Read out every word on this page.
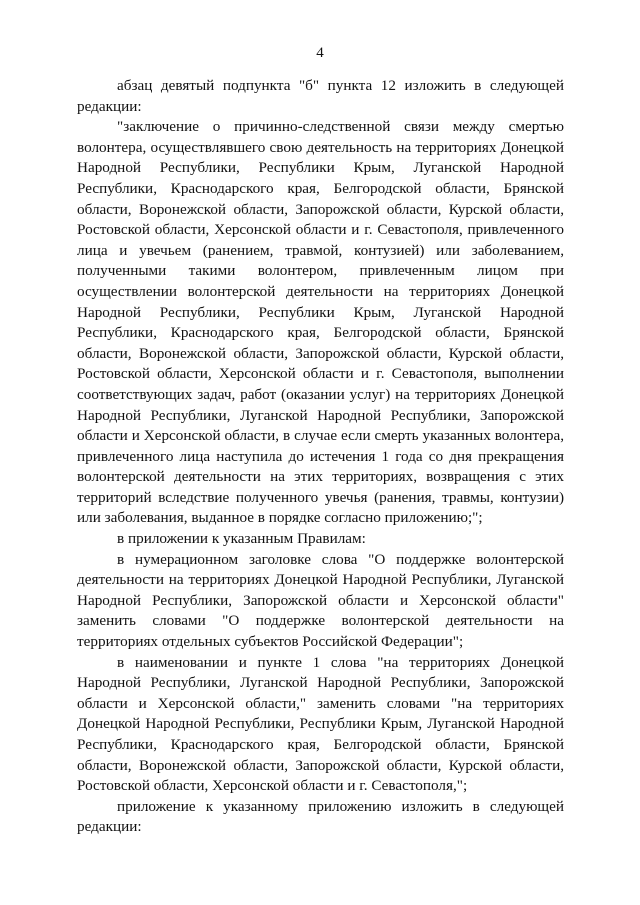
4

абзац девятый подпункта "б" пункта 12 изложить в следующей редакции:

"заключение о причинно-следственной связи между смертью волонтера, осуществлявшего свою деятельность на территориях Донецкой Народной Республики, Республики Крым, Луганской Народной Республики, Краснодарского края, Белгородской области, Брянской области, Воронежской области, Запорожской области, Курской области, Ростовской области, Херсонской области и г. Севастополя, привлеченного лица и увечьем (ранением, травмой, контузией) или заболеванием, полученными такими волонтером, привлеченным лицом при осуществлении волонтерской деятельности на территориях Донецкой Народной Республики, Республики Крым, Луганской Народной Республики, Краснодарского края, Белгородской области, Брянской области, Воронежской области, Запорожской области, Курской области, Ростовской области, Херсонской области и г. Севастополя, выполнении соответствующих задач, работ (оказании услуг) на территориях Донецкой Народной Республики, Луганской Народной Республики, Запорожской области и Херсонской области, в случае если смерть указанных волонтера, привлеченного лица наступила до истечения 1 года со дня прекращения волонтерской деятельности на этих территориях, возвращения с этих территорий вследствие полученного увечья (ранения, травмы, контузии) или заболевания, выданное в порядке согласно приложению;";

в приложении к указанным Правилам:

в нумерационном заголовке слова "О поддержке волонтерской деятельности на территориях Донецкой Народной Республики, Луганской Народной Республики, Запорожской области и Херсонской области" заменить словами "О поддержке волонтерской деятельности на территориях отдельных субъектов Российской Федерации";

в наименовании и пункте 1 слова "на территориях Донецкой Народной Республики, Луганской Народной Республики, Запорожской области и Херсонской области," заменить словами "на территориях Донецкой Народной Республики, Республики Крым, Луганской Народной Республики, Краснодарского края, Белгородской области, Брянской области, Воронежской области, Запорожской области, Курской области, Ростовской области, Херсонской области и г. Севастополя,";

приложение к указанному приложению изложить в следующей редакции:
